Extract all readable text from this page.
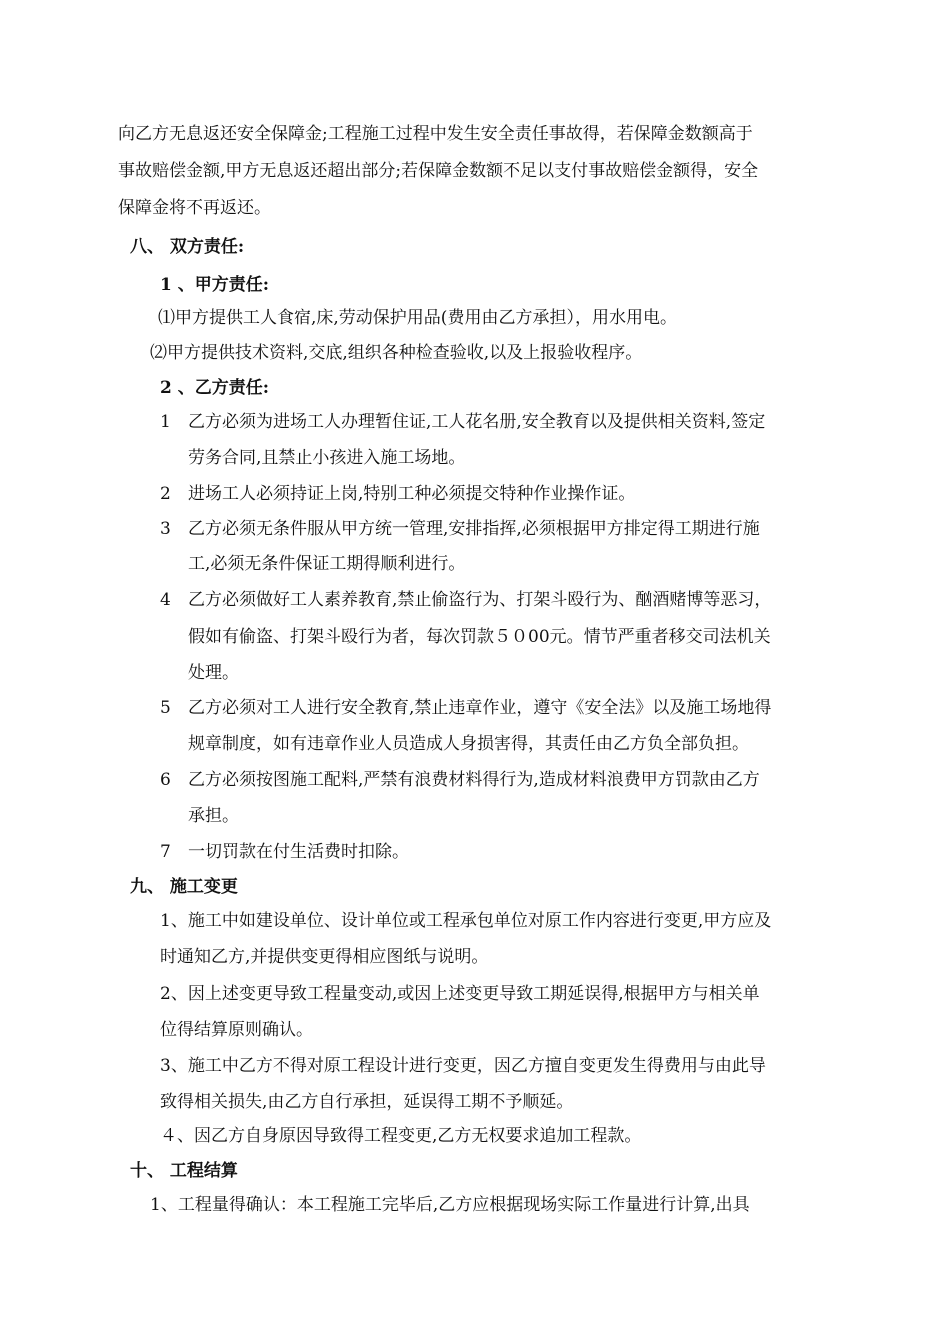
向乙方无息返还安全保障金;工程施工过程中发生安全责任事故得，若保障金数额高于
事故赔偿金额,甲方无息返还超出部分;若保障金数额不足以支付事故赔偿金额得，安全
保障金将不再返还。
八、 双方责任:
1 、甲方责任:
⑴甲方提供工人食宿,床,劳动保护用品(费用由乙方承担），用水用电。
⑵甲方提供技术资料,交底,组织各种检查验收,以及上报验收程序。
2 、乙方责任:
1 乙方必须为进场工人办理暂住证,工人花名册,安全教育以及提供相关资料,签定
劳务合同,且禁止小孩进入施工场地。
2 进场工人必须持证上岗,特别工种必须提交特种作业操作证。
3 乙方必须无条件服从甲方统一管理,安排指挥,必须根据甲方排定得工期进行施
工,必须无条件保证工期得顺利进行。
4 乙方必须做好工人素养教育,禁止偷盗行为、打架斗殴行为、酗酒赌博等恶习，
假如有偷盗、打架斗殴行为者，每次罚款５０00元。情节严重者移交司法机关
处理。
5 乙方必须对工人进行安全教育,禁止违章作业，遵守《安全法》以及施工场地得
规章制度，如有违章作业人员造成人身损害得，其责任由乙方负全部负担。
6 乙方必须按图施工配料,严禁有浪费材料得行为,造成材料浪费甲方罚款由乙方
承担。
7 一切罚款在付生活费时扣除。
九、 施工变更
1、施工中如建设单位、设计单位或工程承包单位对原工作内容进行变更,甲方应及
时通知乙方,并提供变更得相应图纸与说明。
2、因上述变更导致工程量变动,或因上述变更导致工期延误得,根据甲方与相关单
位得结算原则确认。
3、施工中乙方不得对原工程设计进行变更，因乙方擅自变更发生得费用与由此导
致得相关损失,由乙方自行承担，延误得工期不予顺延。
４、因乙方自身原因导致得工程变更,乙方无权要求追加工程款。
十、 工程结算
1、工程量得确认：本工程施工完毕后,乙方应根据现场实际工作量进行计算,出具
